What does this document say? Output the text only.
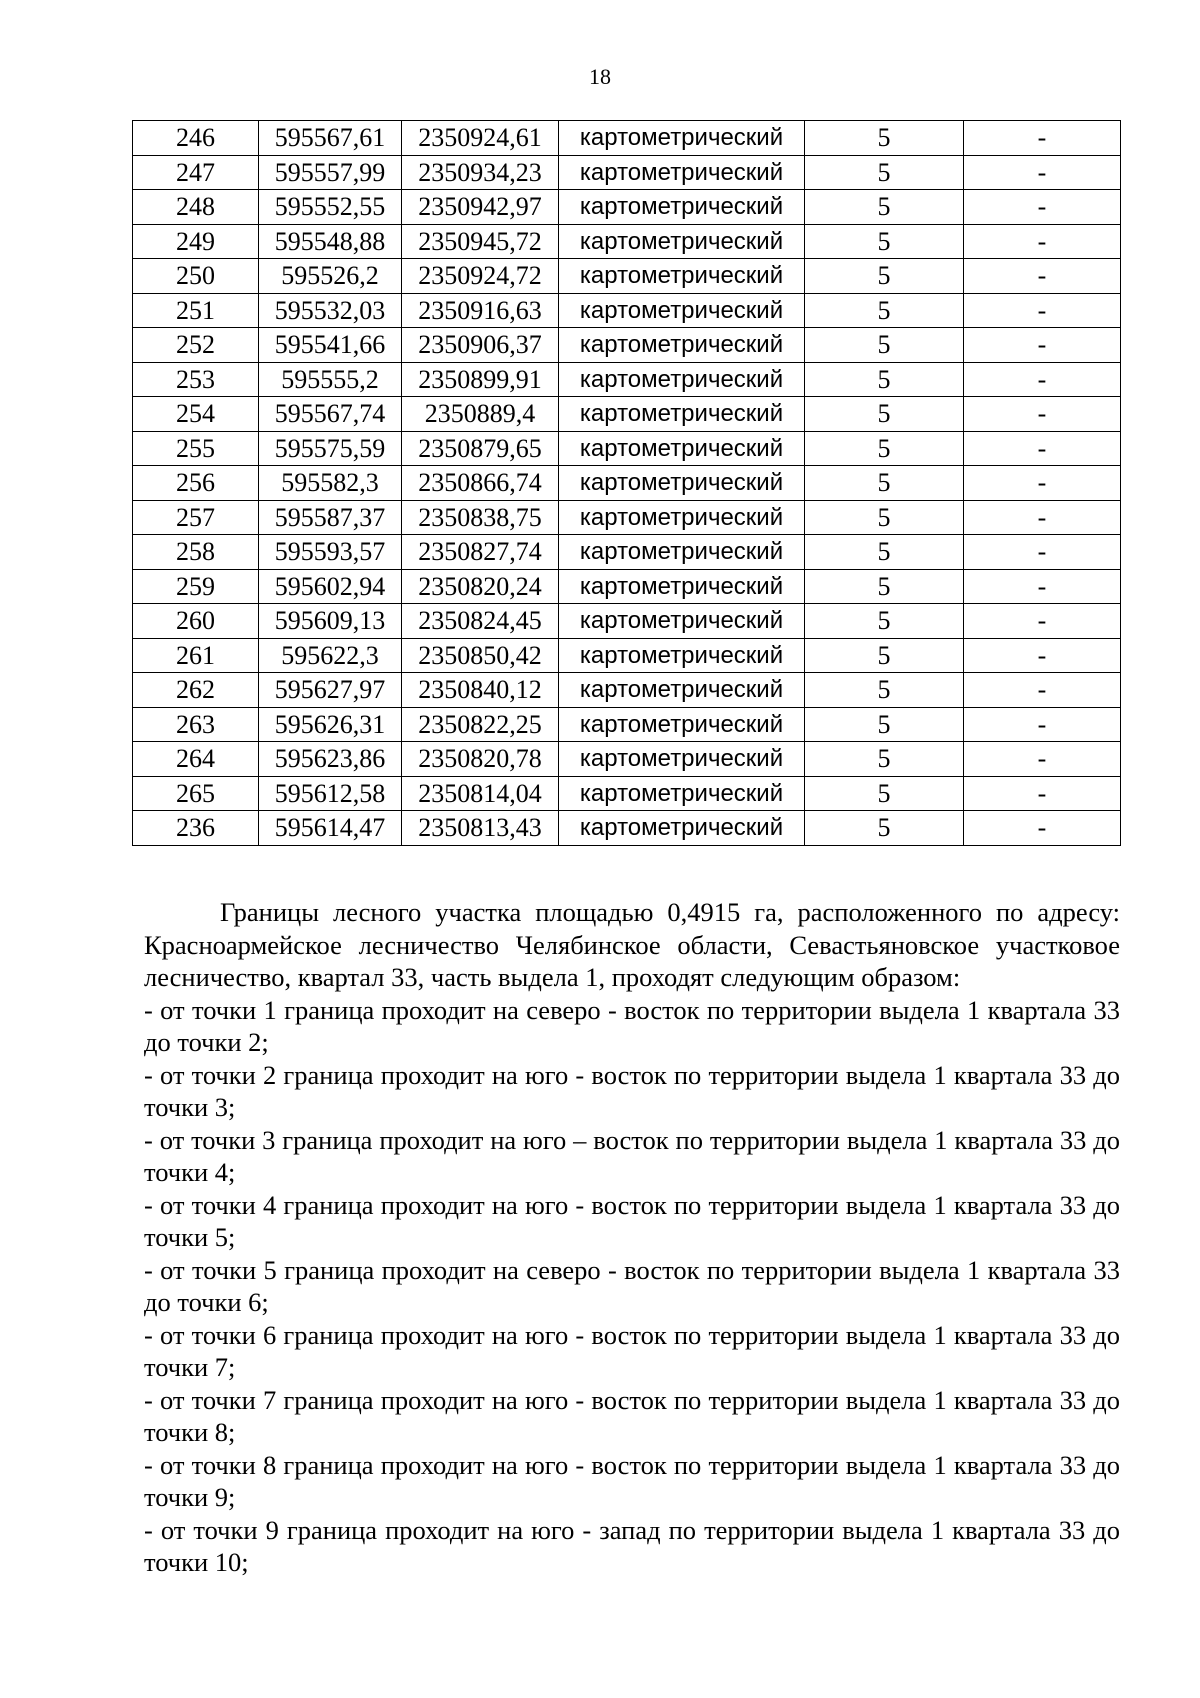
18
246	595567,61	2350924,61	картометрический	5	-
247	595557,99	2350934,23	картометрический	5	-
248	595552,55	2350942,97	картометрический	5	-
249	595548,88	2350945,72	картометрический	5	-
250	595526,2	2350924,72	картометрический	5	-
251	595532,03	2350916,63	картометрический	5	-
252	595541,66	2350906,37	картометрический	5	-
253	595555,2	2350899,91	картометрический	5	-
254	595567,74	2350889,4	картометрический	5	-
255	595575,59	2350879,65	картометрический	5	-
256	595582,3	2350866,74	картометрический	5	-
257	595587,37	2350838,75	картометрический	5	-
258	595593,57	2350827,74	картометрический	5	-
259	595602,94	2350820,24	картометрический	5	-
260	595609,13	2350824,45	картометрический	5	-
261	595622,3	2350850,42	картометрический	5	-
262	595627,97	2350840,12	картометрический	5	-
263	595626,31	2350822,25	картометрический	5	-
264	595623,86	2350820,78	картометрический	5	-
265	595612,58	2350814,04	картометрический	5	-
236	595614,47	2350813,43	картометрический	5	-

Границы лесного участка площадью 0,4915 га, расположенного по адресу: Красноармейское лесничество Челябинское области, Севастьяновское участковое лесничество, квартал 33, часть выдела 1, проходят следующим образом:

- от точки 1 граница проходит на северо - восток по территории выдела 1 квартала 33 до точки 2;

- от точки 2 граница проходит на юго - восток по территории выдела 1 квартала 33 до точки 3;

- от точки 3 граница проходит на юго – восток по территории выдела 1 квартала 33 до точки 4;

- от точки 4 граница проходит на юго - восток по территории выдела 1 квартала 33 до точки 5;

- от точки 5 граница проходит на северо - восток по территории выдела 1 квартала 33 до точки 6;

- от точки 6 граница проходит на юго - восток по территории выдела 1 квартала 33 до точки 7;

- от точки 7 граница проходит на юго - восток по территории выдела 1 квартала 33 до точки 8;

- от точки 8 граница проходит на юго - восток по территории выдела 1 квартала 33 до точки 9;

- от точки 9 граница проходит на юго - запад по территории выдела 1 квартала 33 до точки 10;
